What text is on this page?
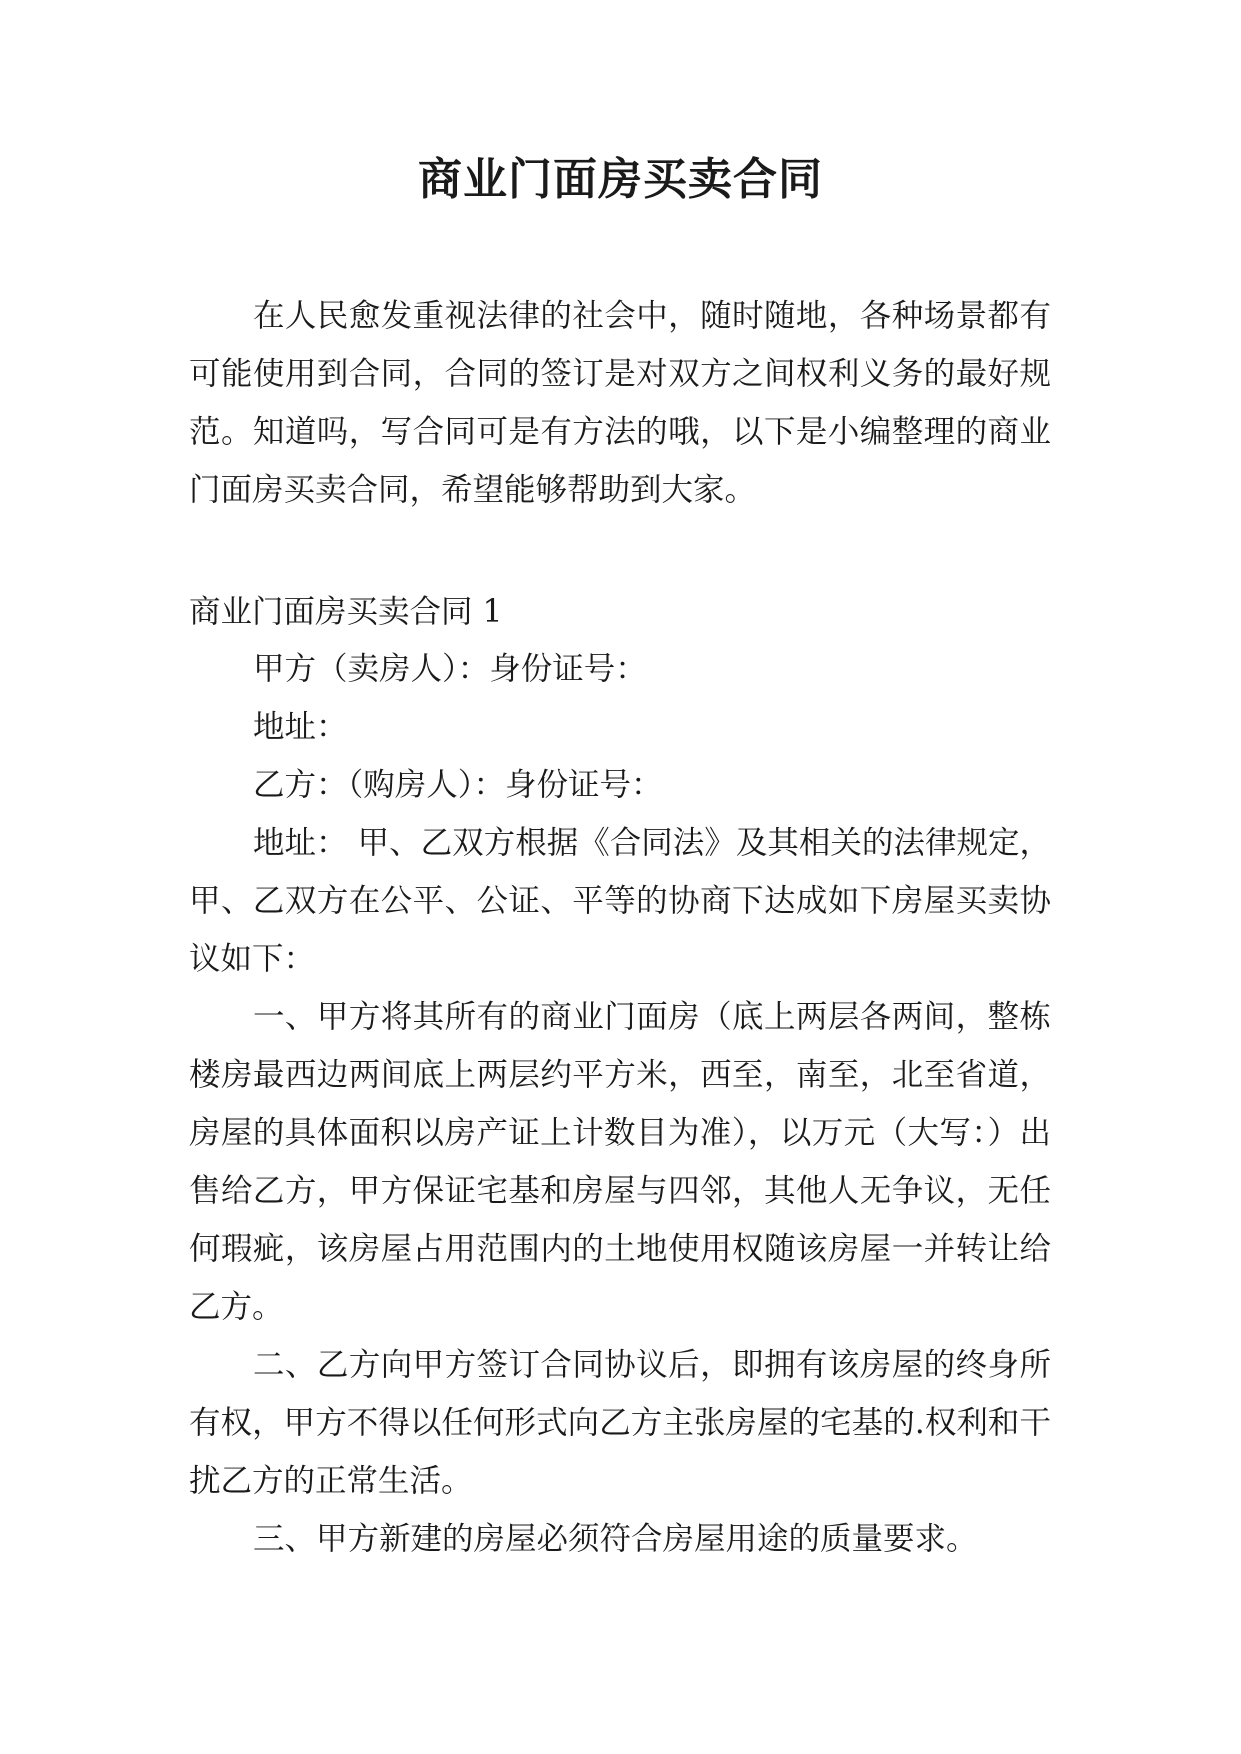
商业门面房买卖合同

在人民愈发重视法律的社会中，随时随地，各种场景都有可能使用到合同，合同的签订是对双方之间权利义务的最好规范。知道吗，写合同可是有方法的哦，以下是小编整理的商业门面房买卖合同，希望能够帮助到大家。

商业门面房买卖合同 1

甲方（卖房人）：身份证号：

地址：

乙方：（购房人）：身份证号：

地址： 甲、乙双方根据《合同法》及其相关的法律规定，甲、乙双方在公平、公证、平等的协商下达成如下房屋买卖协议如下：

一、甲方将其所有的商业门面房（底上两层各两间，整栋楼房最西边两间底上两层约平方米，西至，南至，北至省道，房屋的具体面积以房产证上计数目为准），以万元（大写：）出售给乙方，甲方保证宅基和房屋与四邻，其他人无争议，无任何瑕疵，该房屋占用范围内的土地使用权随该房屋一并转让给乙方。

二、乙方向甲方签订合同协议后，即拥有该房屋的终身所有权，甲方不得以任何形式向乙方主张房屋的宅基的.权利和干扰乙方的正常生活。

三、甲方新建的房屋必须符合房屋用途的质量要求。
